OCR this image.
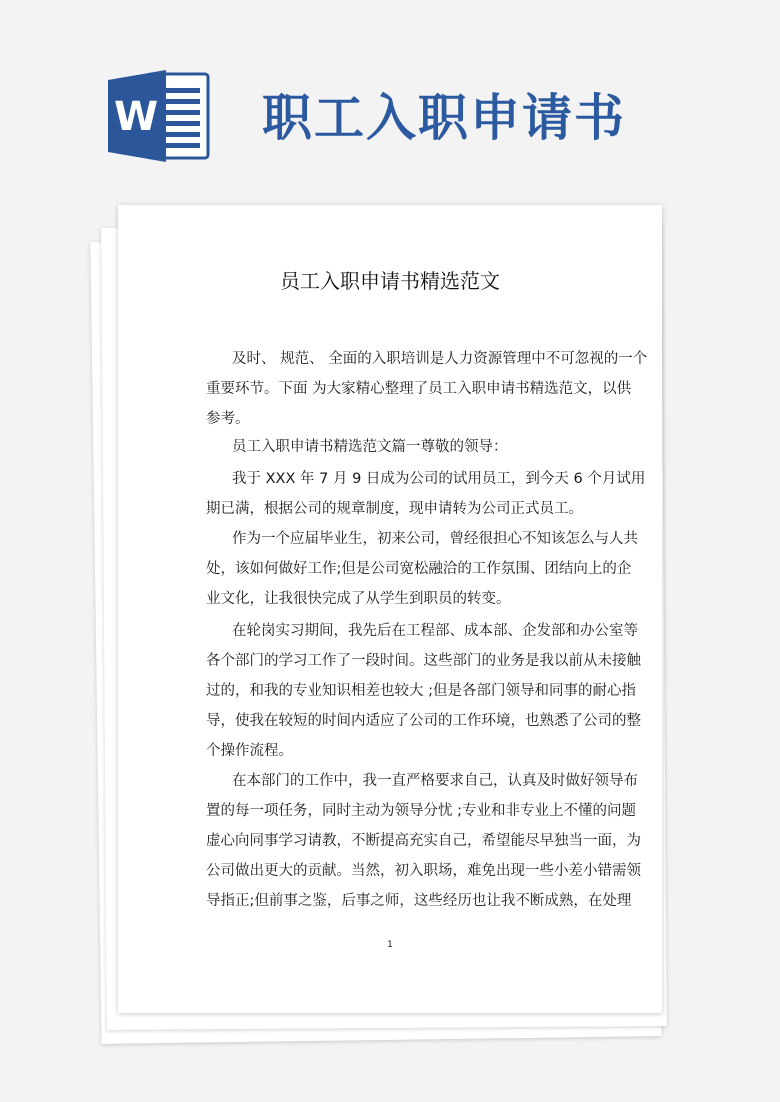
W 职工入职申请书
员工入职申请书精选范文
及时、 规范、 全面的入职培训是人力资源管理中不可忽视的一个
重要环节。下面 为大家精心整理了员工入职申请书精选范文，以供
参考。
员工入职申请书精选范文篇一尊敬的领导：
我于 XXX 年 7 月 9 日成为公司的试用员工，到今天 6 个月试用
期已满，根据公司的规章制度，现申请转为公司正式员工。
作为一个应届毕业生，初来公司，曾经很担心不知该怎么与人共
处，该如何做好工作;但是公司宽松融洽的工作氛围、团结向上的企
业文化，让我很快完成了从学生到职员的转变。
在轮岗实习期间，我先后在工程部、成本部、企发部和办公室等
各个部门的学习工作了一段时间。这些部门的业务是我以前从未接触
过的，和我的专业知识相差也较大 ;但是各部门领导和同事的耐心指
导，使我在较短的时间内适应了公司的工作环境，也熟悉了公司的整
个操作流程。
在本部门的工作中，我一直严格要求自己，认真及时做好领导布
置的每一项任务，同时主动为领导分忧 ;专业和非专业上不懂的问题
虚心向同事学习请教，不断提高充实自己，希望能尽早独当一面，为
公司做出更大的贡献。当然，初入职场，难免出现一些小差小错需领
导指正;但前事之鉴，后事之师，这些经历也让我不断成熟，在处理
1
